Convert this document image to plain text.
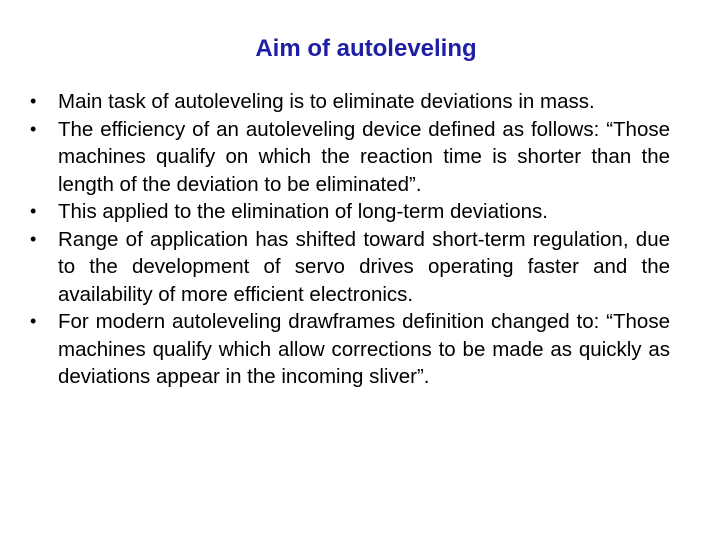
Aim of autoleveling
•	Main task of autoleveling is to eliminate deviations in mass.
•	The efficiency of an autoleveling device defined as follows: “Those machines qualify on which the reaction time is shorter than the length of the deviation to be eliminated”.
•	This applied to the elimination of long-term deviations.
•	Range of application has shifted toward short-term regulation, due to the development of servo drives operating faster and the availability of more efficient electronics.
•	For modern autoleveling drawframes definition changed to: “Those machines qualify which allow corrections to be made as quickly as deviations appear in the incoming sliver”.
